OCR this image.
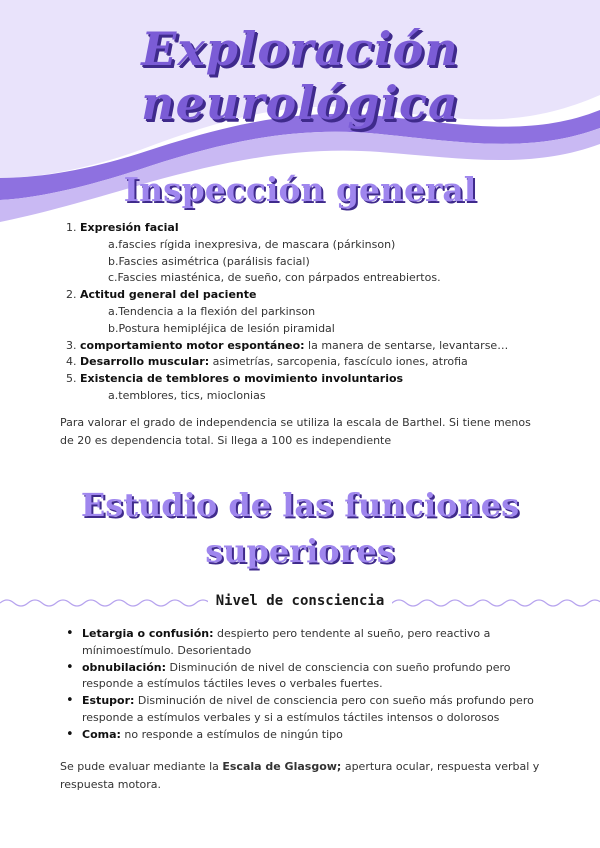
Exploración neurológica
Inspección general
1. Expresión facial
a.fascies rígida inexpresiva, de mascara (párkinson)
b.Fascies asimétrica (parálisis facial)
c.Fascies miasténica, de sueño, con párpados entreabiertos.
2. Actitud general del paciente
a.Tendencia a la flexión del parkinson
b.Postura hemipléjica de lesión piramidal
3. comportamiento motor espontáneo: la manera de sentarse, levantarse…
4. Desarrollo muscular: asimetrías, sarcopenia, fascículo iones, atrofia
5. Existencia de temblores o movimiento involuntarios
a.temblores, tics, mioclonias
Para valorar el grado de independencia se utiliza la escala de Barthel. Si tiene menos de 20 es dependencia total. Si llega a 100 es independiente
Estudio de las funciones
superiores
Nivel de consciencia
• Letargia o confusión: despierto pero tendente al sueño, pero reactivo a mínimoestímulo. Desorientado
• obnubilación: Disminución de nivel de consciencia con sueño profundo pero responde a estímulos táctiles leves o verbales fuertes.
• Estupor: Disminución de nivel de consciencia pero con sueño más profundo pero responde a estímulos verbales y si a estímulos táctiles intensos o dolorosos
• Coma: no responde a estímulos de ningún tipo
Se pude evaluar mediante la Escala de Glasgow; apertura ocular, respuesta verbal y respuesta motora.
